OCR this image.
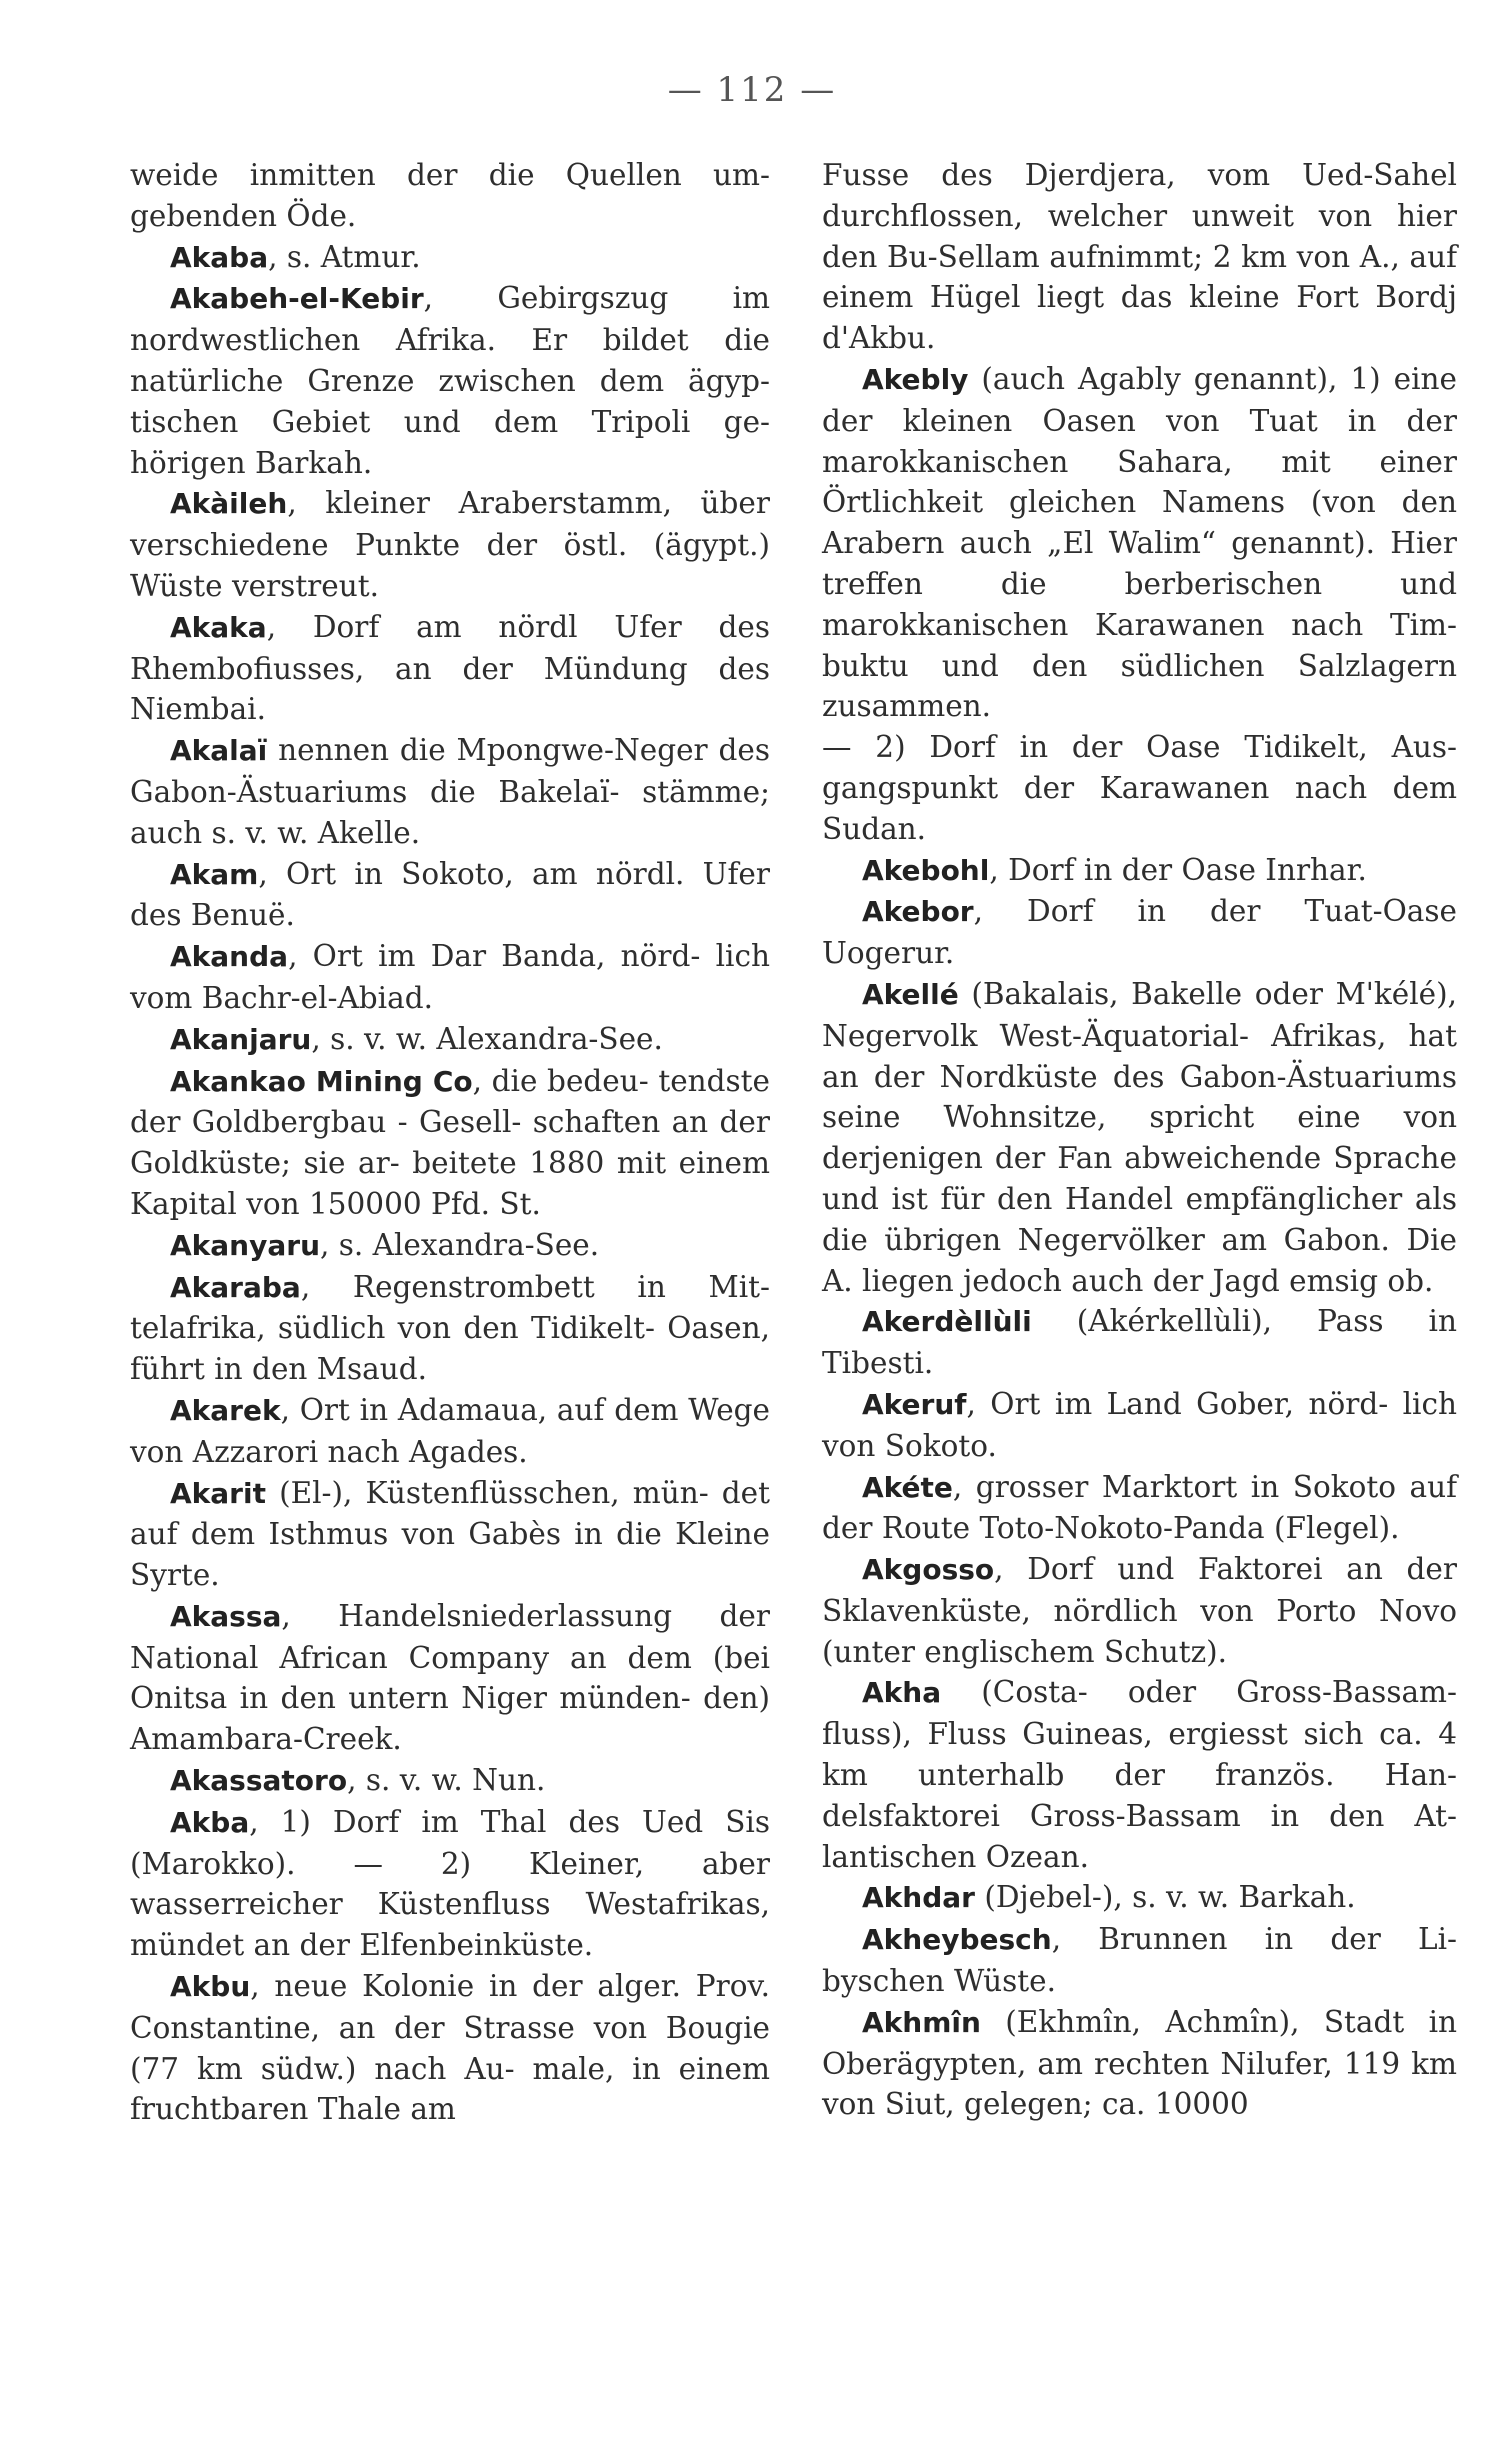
— 112 —

weide inmitten der die Quellen um- gebenden Öde.

Akaba, s. Atmur.

Akabeh-el-Kebir, Gebirgszug im nordwestlichen Afrika. Er bildet die natürliche Grenze zwischen dem ägyp- tischen Gebiet und dem Tripoli ge- hörigen Barkah.

Akàileh, kleiner Araberstamm, über verschiedene Punkte der östl. (ägypt.) Wüste verstreut.

Akaka, Dorf am nördl Ufer des Rhembofiusses, an der Mündung des Niembai.

Akalaï nennen die Mpongwe-Neger des Gabon-Ästuariums die Bakelaï- stämme; auch s. v. w. Akelle.

Akam, Ort in Sokoto, am nördl. Ufer des Benuë.

Akanda, Ort im Dar Banda, nörd- lich vom Bachr-el-Abiad.

Akanjaru, s. v. w. Alexandra-See.

Akankao Mining Co, die bedeu- tendste der Goldbergbau - Gesell- schaften an der Goldküste; sie ar- beitete 1880 mit einem Kapital von 150000 Pfd. St.

Akanyaru, s. Alexandra-See.

Akaraba, Regenstrombett in Mit- telafrika, südlich von den Tidikelt- Oasen, führt in den Msaud.

Akarek, Ort in Adamaua, auf dem Wege von Azzarori nach Agades.

Akarit (El-), Küstenflüsschen, mün- det auf dem Isthmus von Gabès in die Kleine Syrte.

Akassa, Handelsniederlassung der National African Company an dem (bei Onitsa in den untern Niger münden- den) Amambara-Creek.

Akassatoro, s. v. w. Nun.

Akba, 1) Dorf im Thal des Ued Sis (Marokko). — 2) Kleiner, aber wasserreicher Küstenfluss Westafrikas, mündet an der Elfenbeinküste.

Akbu, neue Kolonie in der alger. Prov. Constantine, an der Strasse von Bougie (77 km südw.) nach Au- male, in einem fruchtbaren Thale am

Fusse des Djerdjera, vom Ued-Sahel durchflossen, welcher unweit von hier den Bu-Sellam aufnimmt; 2 km von A., auf einem Hügel liegt das kleine Fort Bordj d'Akbu.

Akebly (auch Agably genannt), 1) eine der kleinen Oasen von Tuat in der marokkanischen Sahara, mit einer Örtlichkeit gleichen Namens (von den Arabern auch „El Walim“ genannt). Hier treffen die berberischen und marokkanischen Karawanen nach Tim- buktu und den südlichen Salzlagern zusammen.

— 2) Dorf in der Oase Tidikelt, Aus- gangspunkt der Karawanen nach dem Sudan.

Akebohl, Dorf in der Oase Inrhar.

Akebor, Dorf in der Tuat-Oase Uogerur.

Akellé (Bakalais, Bakelle oder M'kélé), Negervolk West-Äquatorial- Afrikas, hat an der Nordküste des Gabon-Ästuariums seine Wohnsitze, spricht eine von derjenigen der Fan abweichende Sprache und ist für den Handel empfänglicher als die übrigen Negervölker am Gabon. Die A. liegen jedoch auch der Jagd emsig ob.

Akerdèllùli (Akérkellùli), Pass in Tibesti.

Akeruf, Ort im Land Gober, nörd- lich von Sokoto.

Akéte, grosser Marktort in Sokoto auf der Route Toto-Nokoto-Panda (Flegel).

Akgosso, Dorf und Faktorei an der Sklavenküste, nördlich von Porto Novo (unter englischem Schutz).

Akha (Costa- oder Gross-Bassam- fluss), Fluss Guineas, ergiesst sich ca. 4 km unterhalb der französ. Han- delsfaktorei Gross-Bassam in den At- lantischen Ozean.

Akhdar (Djebel-), s. v. w. Barkah.

Akheybesch, Brunnen in der Li- byschen Wüste.

Akhmîn (Ekhmîn, Achmîn), Stadt in Oberägypten, am rechten Nilufer, 119 km von Siut, gelegen; ca. 10000
